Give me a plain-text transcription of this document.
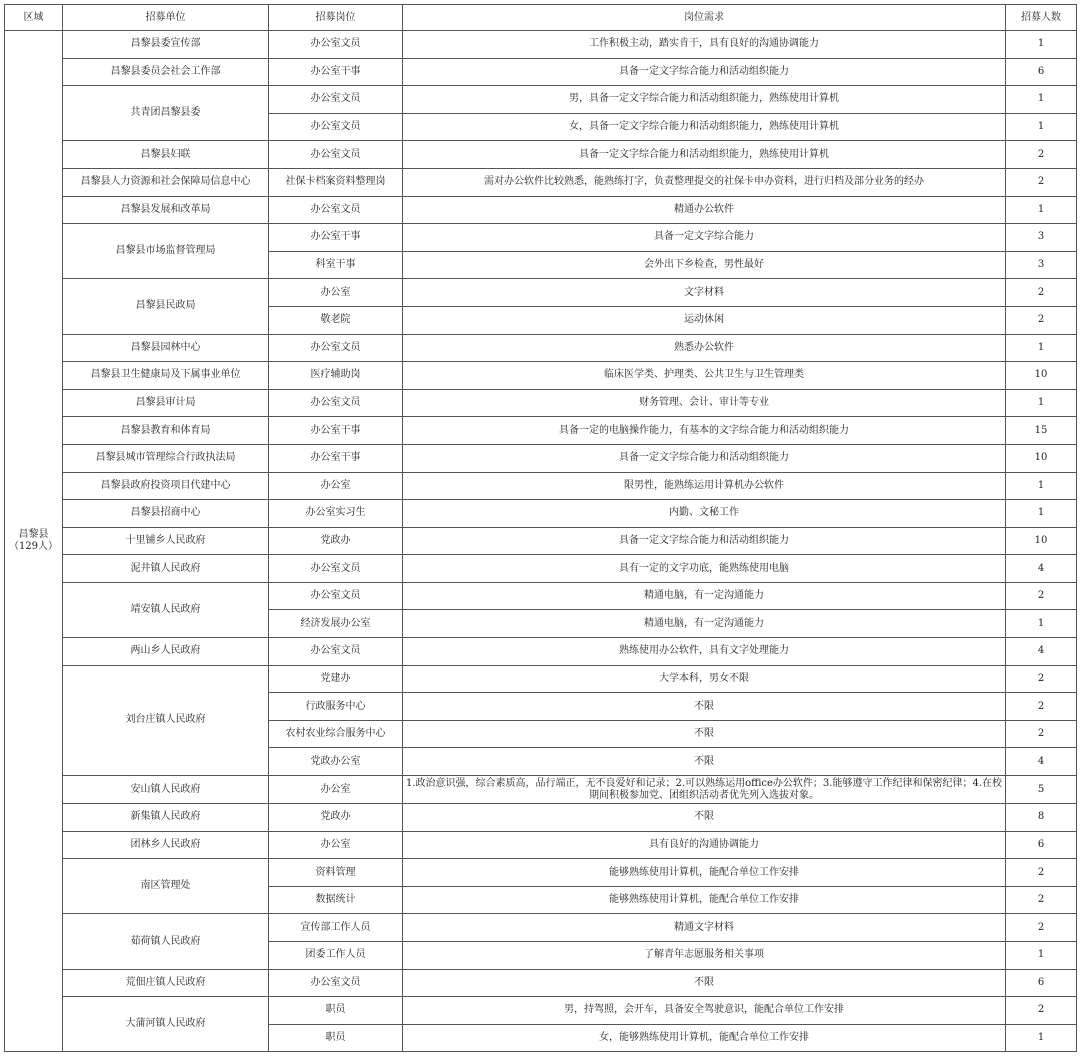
区域	招募单位	招募岗位	岗位需求	招募人数

昌黎县
（129人）	昌黎县委宣传部	办公室文员	工作积极主动，踏实肯干，具有良好的沟通协调能力	1
	昌黎县委员会社会工作部	办公室干事	具备一定文字综合能力和活动组织能力	6
	共青团昌黎县委	办公室文员	男，具备一定文字综合能力和活动组织能力，熟练使用计算机	1
		办公室文员	女，具备一定文字综合能力和活动组织能力，熟练使用计算机	1
	昌黎县妇联	办公室文员	具备一定文字综合能力和活动组织能力，熟练使用计算机	2
	昌黎县人力资源和社会保障局信息中心	社保卡档案资料整理岗	需对办公软件比较熟悉，能熟练打字，负责整理提交的社保卡申办资料，进行归档及部分业务的经办	2
	昌黎县发展和改革局	办公室文员	精通办公软件	1
	昌黎县市场监督管理局	办公室干事	具备一定文字综合能力	3
		科室干事	会外出下乡检查，男性最好	3
	昌黎县民政局	办公室	文字材料	2
		敬老院	运动休闲	2
	昌黎县园林中心	办公室文员	熟悉办公软件	1
	昌黎县卫生健康局及下属事业单位	医疗辅助岗	临床医学类、护理类、公共卫生与卫生管理类	10
	昌黎县审计局	办公室文员	财务管理、会计、审计等专业	1
	昌黎县教育和体育局	办公室干事	具备一定的电脑操作能力，有基本的文字综合能力和活动组织能力	15
	昌黎县城市管理综合行政执法局	办公室干事	具备一定文字综合能力和活动组织能力	10
	昌黎县政府投资项目代建中心	办公室	限男性，能熟练运用计算机办公软件	1
	昌黎县招商中心	办公室实习生	内勤、文秘工作	1
	十里铺乡人民政府	党政办	具备一定文字综合能力和活动组织能力	10
	泥井镇人民政府	办公室文员	具有一定的文字功底，能熟练使用电脑	4
	靖安镇人民政府	办公室文员	精通电脑，有一定沟通能力	2
		经济发展办公室	精通电脑，有一定沟通能力	1
	两山乡人民政府	办公室文员	熟练使用办公软件，具有文字处理能力	4
	刘台庄镇人民政府	党建办	大学本科，男女不限	2
		行政服务中心	不限	2
		农村农业综合服务中心	不限	2
		党政办公室	不限	4
	安山镇人民政府	办公室	1.政治意识强，综合素质高，品行端正，无不良爱好和记录；2.可以熟练运用office办公软件；3.能够遵守工作纪律和保密纪律；4.在校期间积极参加党、团组织活动者优先列入选拔对象。	5
	新集镇人民政府	党政办	不限	8
	团林乡人民政府	办公室	具有良好的沟通协调能力	6
	南区管理处	资料管理	能够熟练使用计算机，能配合单位工作安排	2
		数据统计	能够熟练使用计算机，能配合单位工作安排	2
	茹荷镇人民政府	宣传部工作人员	精通文字材料	2
		团委工作人员	了解青年志愿服务相关事项	1
	荒佃庄镇人民政府	办公室文员	不限	6
	大蒲河镇人民政府	职员	男，持驾照，会开车，具备安全驾驶意识，能配合单位工作安排	2
		职员	女，能够熟练使用计算机，能配合单位工作安排	1
